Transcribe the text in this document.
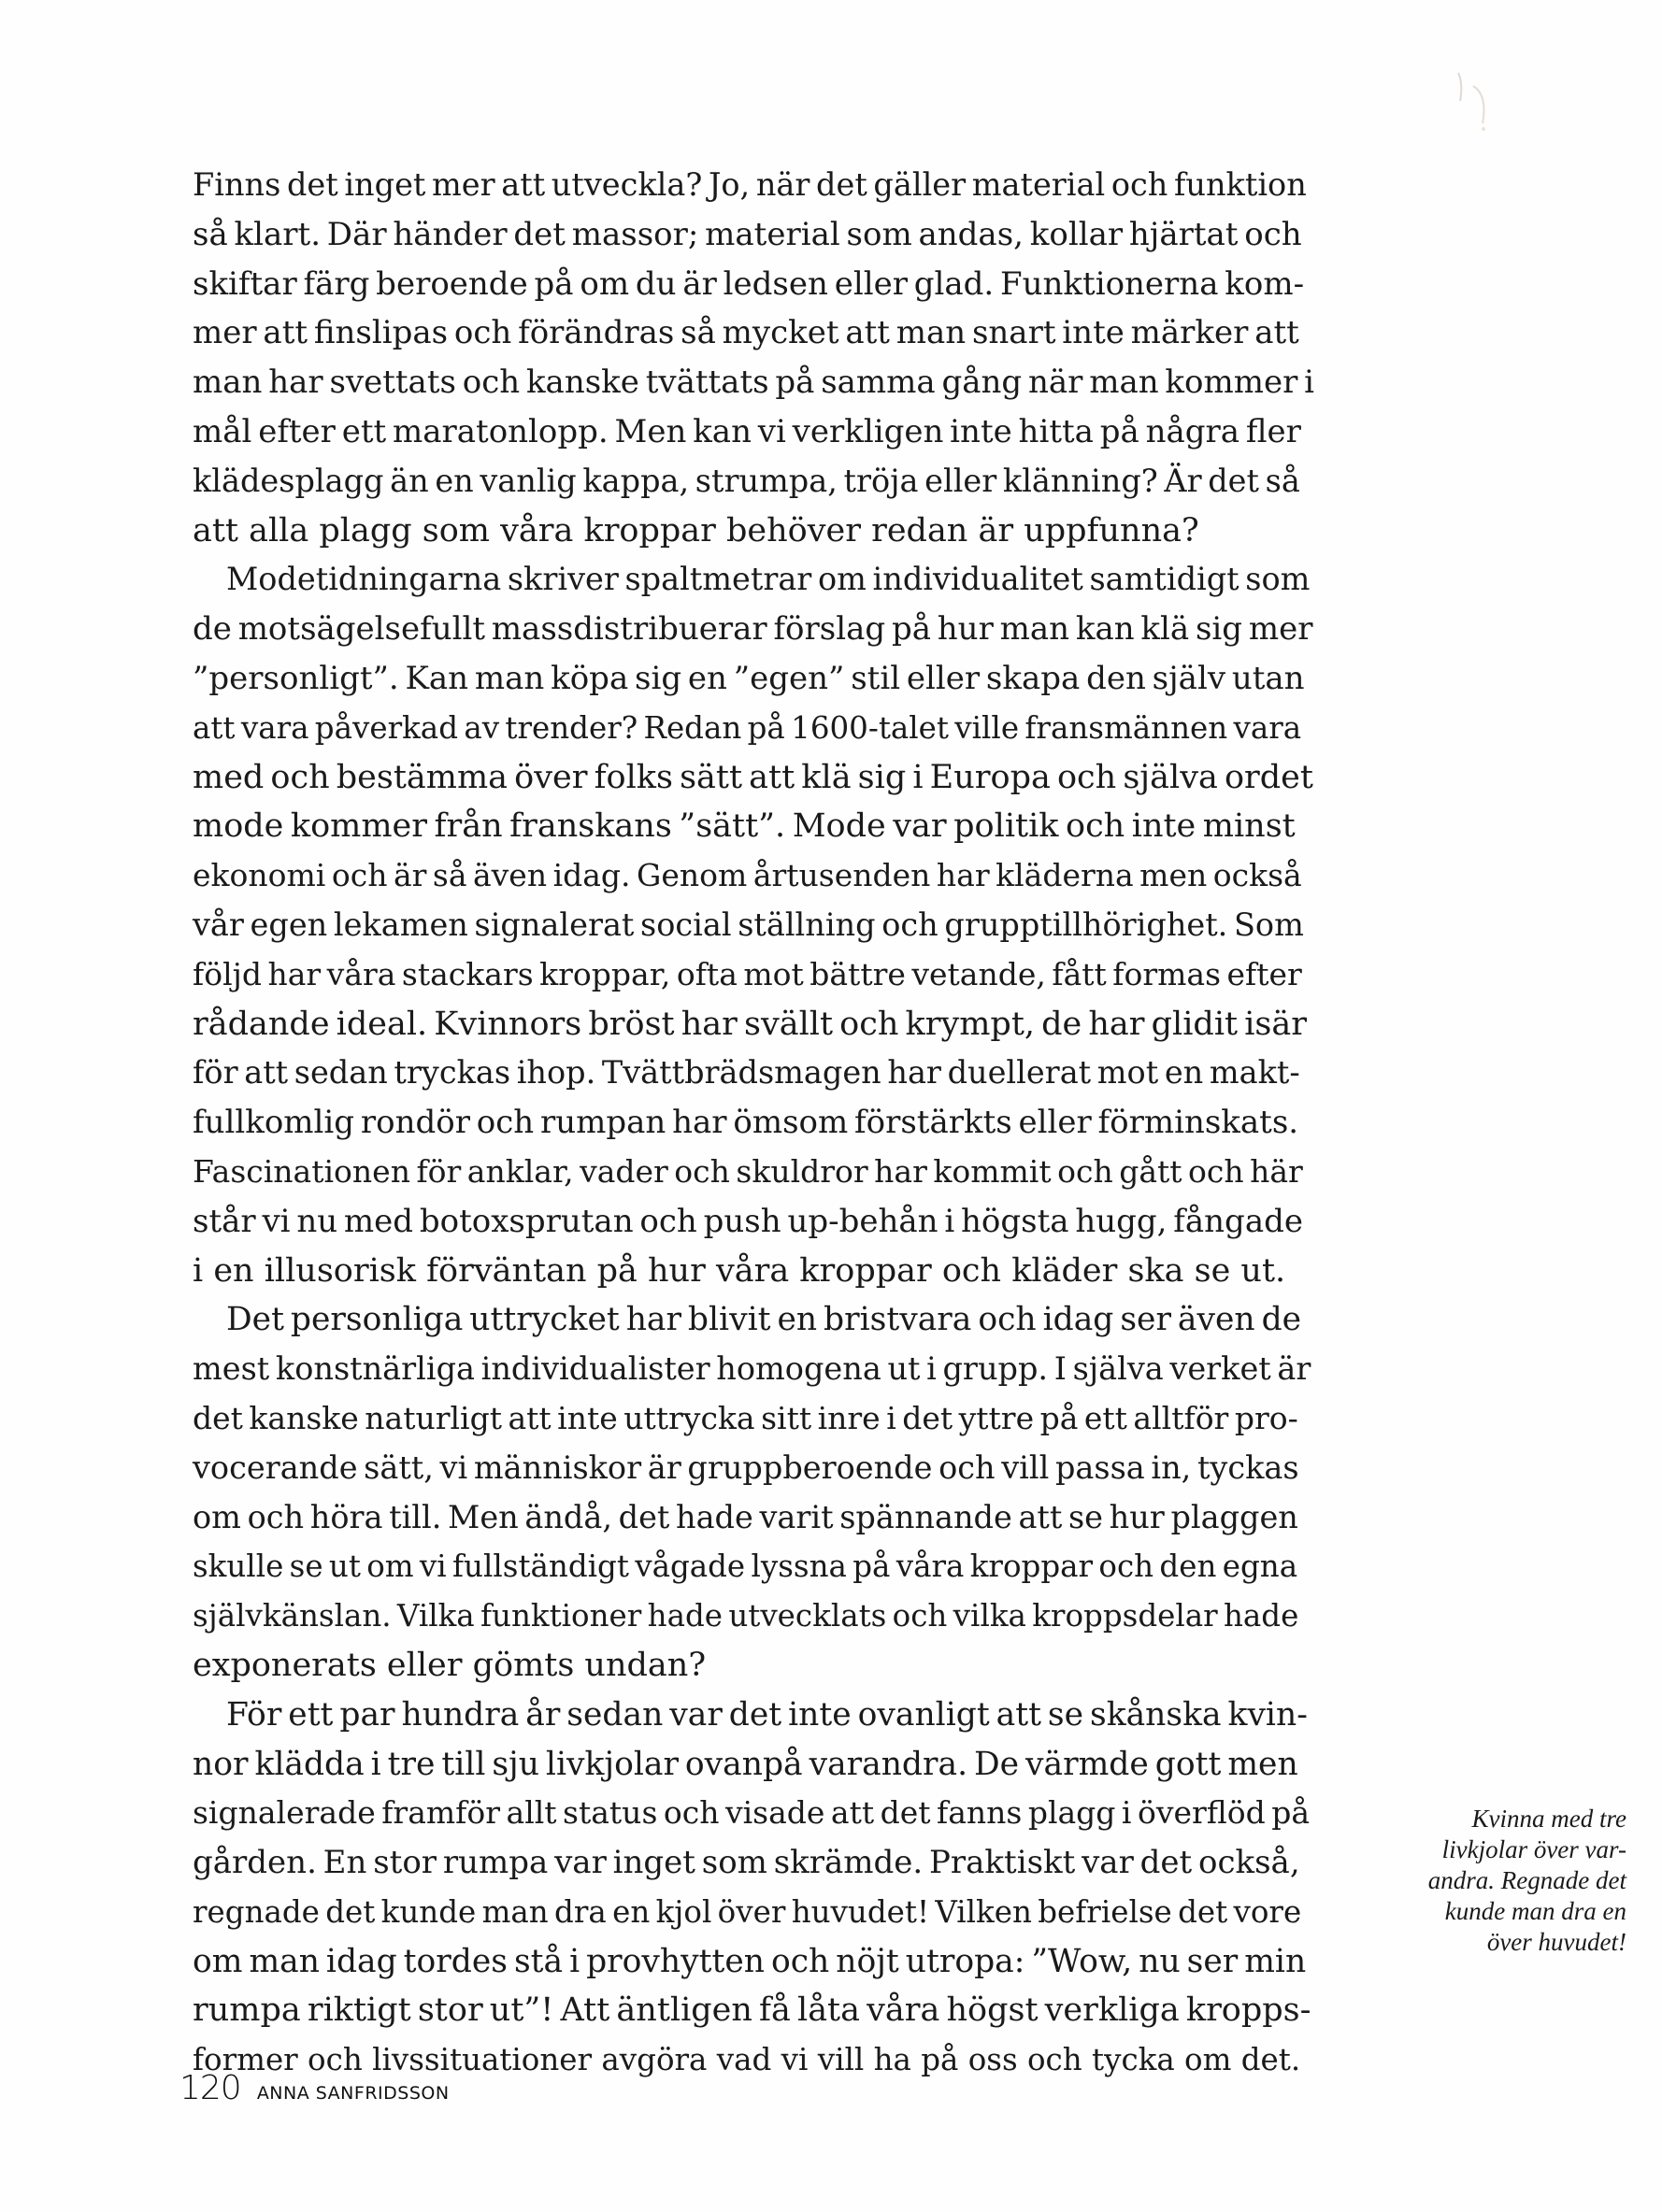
Finns det inget mer att utveckla? Jo, när det gäller material och funktion
så klart. Där händer det massor; material som andas, kollar hjärtat och
skiftar färg beroende på om du är ledsen eller glad. Funktionerna kom-
mer att finslipas och förändras så mycket att man snart inte märker att
man har svettats och kanske tvättats på samma gång när man kommer i
mål efter ett maratonlopp. Men kan vi verkligen inte hitta på några fler
klädesplagg än en vanlig kappa, strumpa, tröja eller klänning? Är det så
att alla plagg som våra kroppar behöver redan är uppfunna?
Modetidningarna skriver spaltmetrar om individualitet samtidigt som
de motsägelsefullt massdistribuerar förslag på hur man kan klä sig mer
”personligt”. Kan man köpa sig en ”egen” stil eller skapa den själv utan
att vara påverkad av trender? Redan på 1600-talet ville fransmännen vara
med och bestämma över folks sätt att klä sig i Europa och själva ordet
mode kommer från franskans ”sätt”. Mode var politik och inte minst
ekonomi och är så även idag. Genom årtusenden har kläderna men också
vår egen lekamen signalerat social ställning och grupptillhörighet. Som
följd har våra stackars kroppar, ofta mot bättre vetande, fått formas efter
rådande ideal. Kvinnors bröst har svällt och krympt, de har glidit isär
för att sedan tryckas ihop. Tvättbrädsmagen har duellerat mot en makt-
fullkomlig rondör och rumpan har ömsom förstärkts eller förminskats.
Fascinationen för anklar, vader och skuldror har kommit och gått och här
står vi nu med botoxsprutan och push up-behån i högsta hugg, fångade
i en illusorisk förväntan på hur våra kroppar och kläder ska se ut.
Det personliga uttrycket har blivit en bristvara och idag ser även de
mest konstnärliga individualister homogena ut i grupp. I själva verket är
det kanske naturligt att inte uttrycka sitt inre i det yttre på ett alltför pro-
vocerande sätt, vi människor är gruppberoende och vill passa in, tyckas
om och höra till. Men ändå, det hade varit spännande att se hur plaggen
skulle se ut om vi fullständigt vågade lyssna på våra kroppar och den egna
självkänslan. Vilka funktioner hade utvecklats och vilka kroppsdelar hade
exponerats eller gömts undan?
För ett par hundra år sedan var det inte ovanligt att se skånska kvin-
nor klädda i tre till sju livkjolar ovanpå varandra. De värmde gott men
signalerade framför allt status och visade att det fanns plagg i överflöd på
gården. En stor rumpa var inget som skrämde. Praktiskt var det också,
regnade det kunde man dra en kjol över huvudet! Vilken befrielse det vore
om man idag tordes stå i provhytten och nöjt utropa: ”Wow, nu ser min
rumpa riktigt stor ut”! Att äntligen få låta våra högst verkliga kropps-
former och livssituationer avgöra vad vi vill ha på oss och tycka om det.
Kvinna med tre
livkjolar över var-
andra. Regnade det
kunde man dra en
över huvudet!
120 ANNA SANFRIDSSON
